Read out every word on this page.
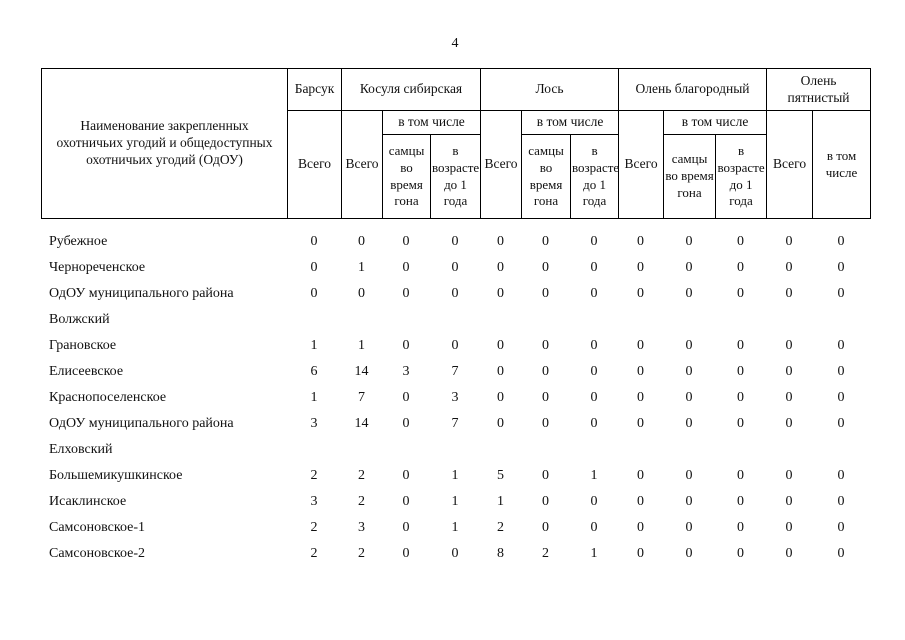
4
Наименование закрепленных охотничьих угодий и общедоступных охотничьих угодий (ОдОУ)	Барсук	Косуля сибирская			Лось			Олень благородный			Олень пятнистый	
	Всего	Всего	в том числе		Всего	в том числе		Всего	в том числе		Всего	в том числе
			самцы во время гона	в возрасте до 1 года		самцы во время гона	в возрасте до 1 года		самцы во время гона	в возрасте до 1 года		
Рубежное	0	0	0	0	0	0	0	0	0	0	0	0
Чернореченское	0	1	0	0	0	0	0	0	0	0	0	0
ОдОУ муниципального района	0	0	0	0	0	0	0	0	0	0	0	0
Волжский												
Грановское	1	1	0	0	0	0	0	0	0	0	0	0
Елисеевское	6	14	3	7	0	0	0	0	0	0	0	0
Краснопоселенское	1	7	0	3	0	0	0	0	0	0	0	0
ОдОУ муниципального района	3	14	0	7	0	0	0	0	0	0	0	0
Елховский												
Большемикушкинское	2	2	0	1	5	0	1	0	0	0	0	0
Исаклинское	3	2	0	1	1	0	0	0	0	0	0	0
Самсоновское-1	2	3	0	1	2	0	0	0	0	0	0	0
Самсоновское-2	2	2	0	0	8	2	1	0	0	0	0	0
